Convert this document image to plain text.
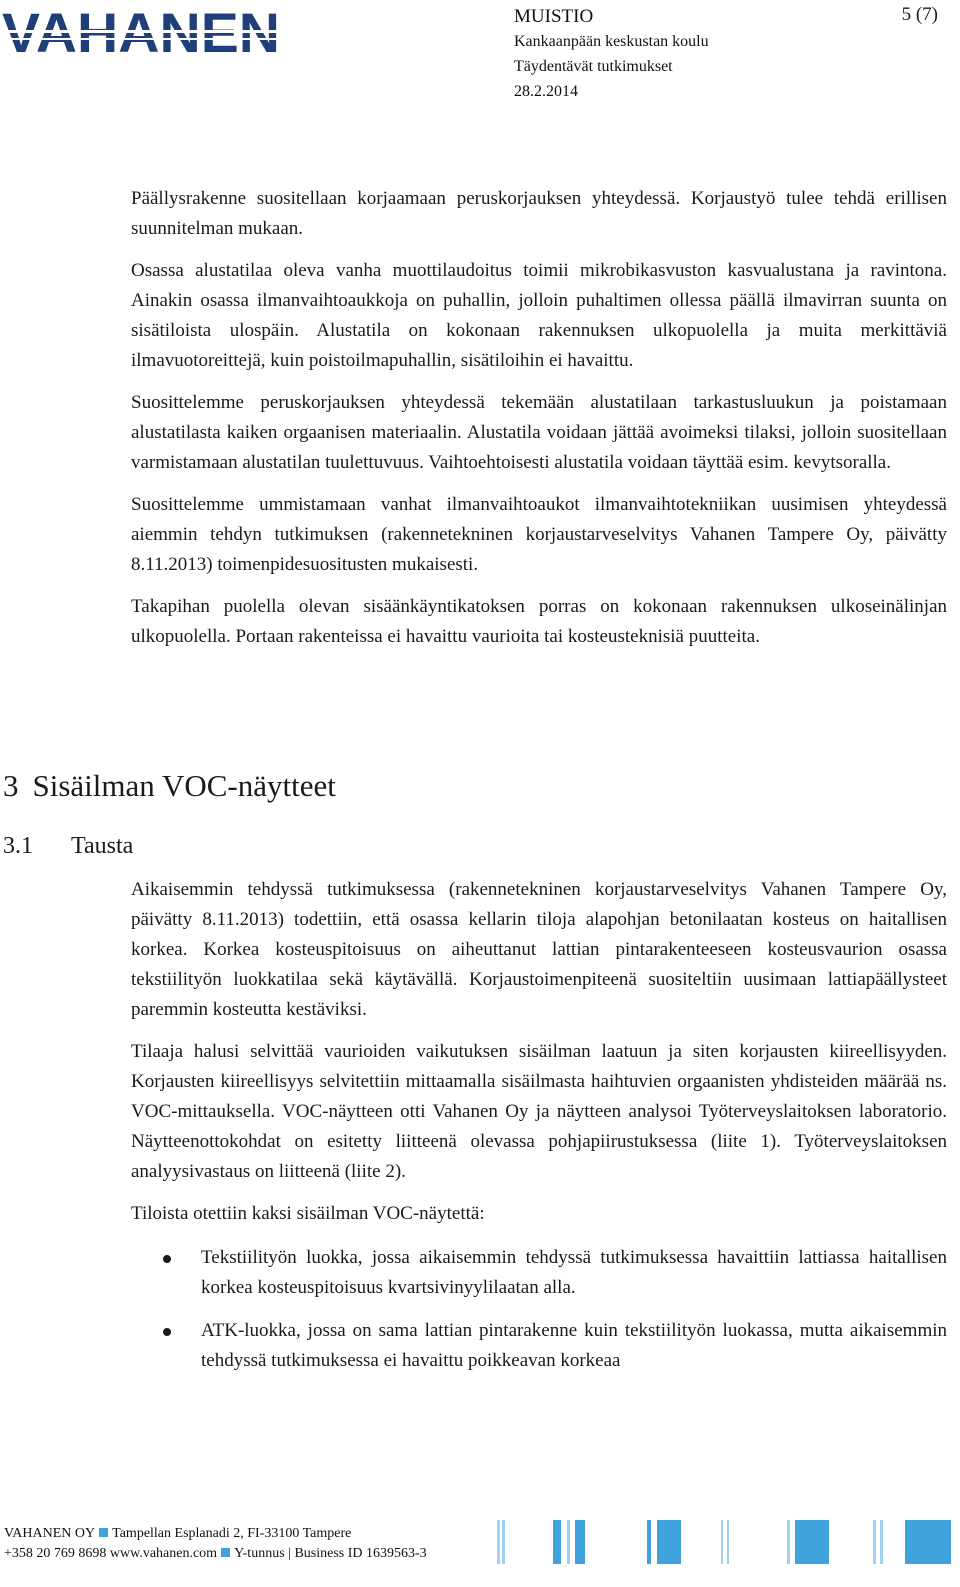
MUISTIO
Kankaanpään keskustan koulu
Täydentävät tutkimukset
28.2.2014
5 (7)

Päällysrakenne suositellaan korjaamaan peruskorjauksen yhteydessä. Korjaustyö tulee tehdä erillisen suunnitelman mukaan.

Osassa alustatilaa oleva vanha muottilaudoitus toimii mikrobikasvuston kasvualustana ja ravintona. Ainakin osassa ilmanvaihtoaukkoja on puhallin, jolloin puhaltimen ollessa päällä ilmavirran suunta on sisätiloista ulospäin. Alustatila on kokonaan rakennuksen ulkopuolella ja muita merkittäviä ilmavuotoreittejä, kuin poistoilmapuhallin, sisätiloihin ei havaittu.

Suosittelemme peruskorjauksen yhteydessä tekemään alustatilaan tarkastusluukun ja poistamaan alustatilasta kaiken orgaanisen materiaalin. Alustatila voidaan jättää avoimeksi tilaksi, jolloin suositellaan varmistamaan alustatilan tuulettuvuus. Vaihtoehtoisesti alustatila voidaan täyttää esim. kevytsoralla.

Suosittelemme ummistamaan vanhat ilmanvaihtoaukot ilmanvaihtotekniikan uusimisen yhteydessä aiemmin tehdyn tutkimuksen (rakennetekninen korjaustarveselvitys Vahanen Tampere Oy, päivätty 8.11.2013) toimenpidesuositusten mukaisesti.

Takapihan puolella olevan sisäänkäyntikatoksen porras on kokonaan rakennuksen ulkoseinälinjan ulkopuolella. Portaan rakenteissa ei havaittu vaurioita tai kosteusteknisiä puutteita.

3 Sisäilman VOC-näytteet
3.1 Tausta

Aikaisemmin tehdyssä tutkimuksessa (rakennetekninen korjaustarveselvitys Vahanen Tampere Oy, päivätty 8.11.2013) todettiin, että osassa kellarin tiloja alapohjan betonilaatan kosteus on haitallisen korkea. Korkea kosteuspitoisuus on aiheuttanut lattian pintarakenteeseen kosteusvaurion osassa tekstiilityön luokkatilaa sekä käytävällä. Korjaustoimenpiteenä suositeltiin uusimaan lattiapäällysteet paremmin kosteutta kestäviksi.

Tilaaja halusi selvittää vaurioiden vaikutuksen sisäilman laatuun ja siten korjausten kiireellisyyden. Korjausten kiireellisyys selvitettiin mittaamalla sisäilmasta haihtuvien orgaanisten yhdisteiden määrää ns. VOC-mittauksella. VOC-näytteen otti Vahanen Oy ja näytteen analysoi Työterveyslaitoksen laboratorio. Näytteenottokohdat on esitetty liitteenä olevassa pohjapiirustuksessa (liite 1). Työterveyslaitoksen analyysivastaus on liitteenä (liite 2).

Tiloista otettiin kaksi sisäilman VOC-näytettä:

Tekstiilityön luokka, jossa aikaisemmin tehdyssä tutkimuksessa havaittiin lattiassa haitallisen korkea kosteuspitoisuus kvartsivinyylilaatan alla.
ATK-luokka, jossa on sama lattian pintarakenne kuin tekstiilityön luokassa, mutta aikaisemmin tehdyssä tutkimuksessa ei havaittu poikkeavan korkeaa
VAHANEN OY Tampellan Esplanadi 2, FI-33100 Tampere
+358 20 769 8698 www.vahanen.com Y-tunnus | Business ID 1639563-3
